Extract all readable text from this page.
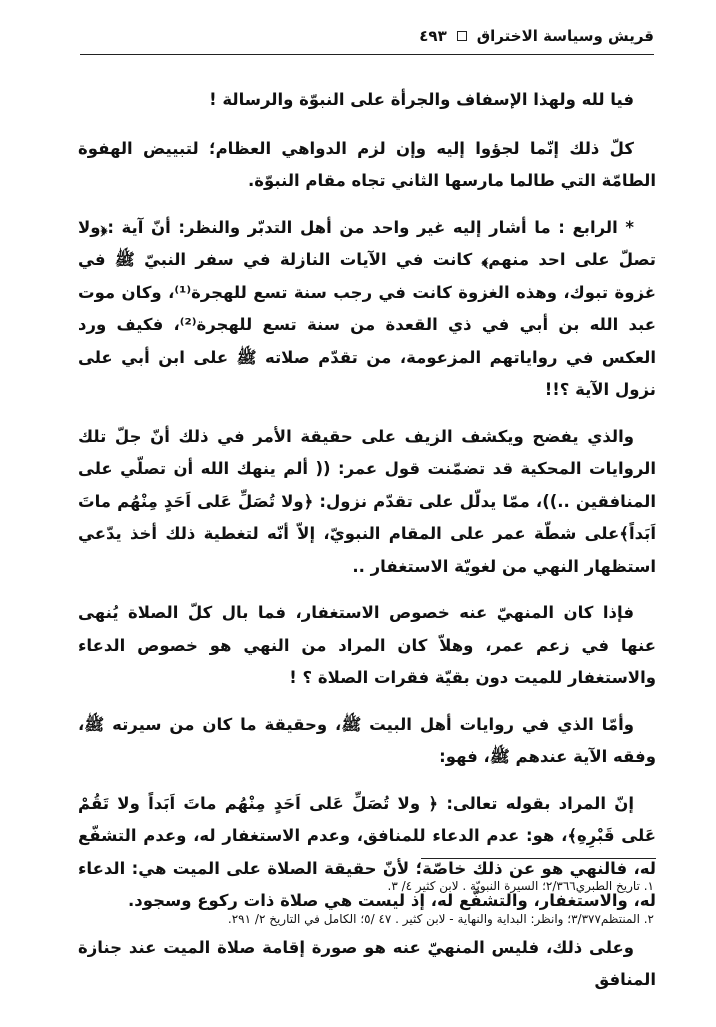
قريش وسياسة الاختراق
٤٩٣

فيا لله ولهذا الإسفاف والجرأة على النبوّة والرسالة !

كلّ ذلك إنّما لجؤوا إليه وإن لزم الدواهي العظام؛ لتبييض الهفوة الطامّة التي طالما مارسها الثاني تجاه مقام النبوّة.

* الرابع : ما أشار إليه غير واحد من أهل التدبّر والنظر: أنّ آية :﴿ولا تصلّ على احد منهم﴾ كانت في الآيات النازلة في سفر النبيّ ﷺ في غزوة تبوك، وهذه الغزوة كانت في رجب سنة تسع للهجرة⁽¹⁾، وكان موت عبد الله بن أبي في ذي القعدة من سنة تسع للهجرة⁽²⁾، فكيف ورد العكس في رواياتهم المزعومة، من تقدّم صلاته ﷺ على ابن أبي على نزول الآية ؟!!

والذي يفضح ويكشف الزيف على حقيقة الأمر في ذلك أنّ جلّ تلك الروايات المحكية قد تضمّنت قول عمر: (( ألم ينهك الله أن تصلّي على المنافقين ..))، ممّا يدلّل على تقدّم نزول: ﴿ولا تُصَلِّ عَلى اَحَدٍ مِنْهُم ماتَ اَبَداً﴾على شطّة عمر على المقام النبويّ، إلاّ أنّه لتغطية ذلك أخذ يدّعي استظهار النهي من لغويّة الاستغفار ..

فإذا كان المنهيّ عنه خصوص الاستغفار، فما بال كلّ الصلاة يُنهى عنها في زعم عمر، وهلاّ كان المراد من النهي هو خصوص الدعاء والاستغفار للميت دون بقيّة فقرات الصلاة ؟ !

وأمّا الذي في روايات أهل البيت ﷺ، وحقيقة ما كان من سيرته ﷺ، وفقه الآية عندهم ﷺ، فهو:

إنّ المراد بقوله تعالى: ﴿ ولا تُصَلِّ عَلى اَحَدٍ مِنْهُم ماتَ اَبَداً ولا تَقُمْ عَلى قَبْرِهِ﴾، هو: عدم الدعاء للمنافق، وعدم الاستغفار له، وعدم التشفّع له، فالنهي هو عن ذلك خاصّة؛ لأنّ حقيقة الصلاة على الميت هي: الدعاء له، والاستغفار، والتشفّع له، إذ ليست هي صلاة ذات ركوع وسجود.

وعلى ذلك، فليس المنهيّ عنه هو صورة إقامة صلاة الميت عند جنازة المنافق

١. تاريخ الطبري٢/٣٦٦؛ السيرة النبويّة . لابن كثير ٤/ ٣.
٢. المنتظم٣/٣٧٧؛ وانظر: البداية والنهاية - لابن كثير . ٤٧ /٥؛ الكامل في التاريخ ٢/ ٢٩١.
